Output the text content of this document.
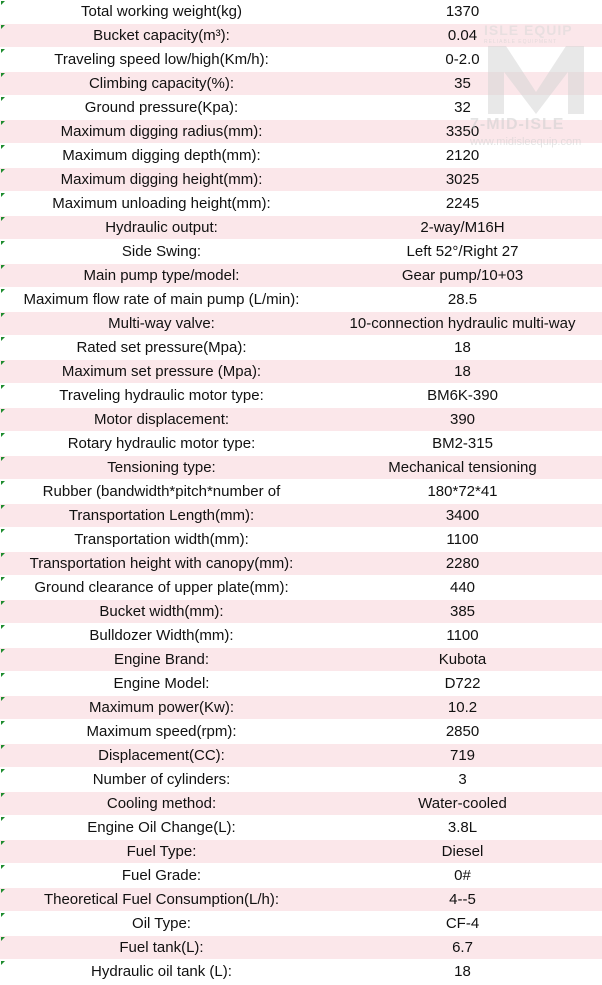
Total working weight(kg)	1370

Bucket capacity(m³):	0.04

Traveling speed low/high(Km/h):	0-2.0

Climbing capacity(%):	35

Ground pressure(Kpa):	32

Maximum digging radius(mm):	3350

Maximum digging depth(mm):	2120

Maximum digging height(mm):	3025

Maximum unloading height(mm):	2245

Hydraulic output:	2-way/M16H

Side Swing:	Left 52°/Right 27

Main pump type/model:	Gear pump/10+03

Maximum flow rate of main pump (L/min):	28.5

Multi-way valve:	10-connection hydraulic multi-way

Rated set pressure(Mpa):	18

Maximum set pressure (Mpa):	18

Traveling hydraulic motor type:	BM6K-390

Motor displacement:	390

Rotary hydraulic motor type:	BM2-315

Tensioning type:	Mechanical tensioning

Rubber (bandwidth*pitch*number of	180*72*41

Transportation Length(mm):	3400

Transportation width(mm):	1100

Transportation height with canopy(mm):	2280

Ground clearance of upper plate(mm):	440

Bucket width(mm):	385

Bulldozer Width(mm):	1100

Engine Brand:	Kubota

Engine Model:	D722

Maximum power(Kw):	10.2

Maximum speed(rpm):	2850

Displacement(CC):	719

Number of cylinders:	3

Cooling method:	Water-cooled

Engine Oil Change(L):	3.8L

Fuel Type:	Diesel

Fuel Grade:	0#

Theoretical Fuel Consumption(L/h):	4--5

Oil Type:	CF-4

Fuel tank(L):	6.7

Hydraulic oil tank (L):	18
ISLE EQUIP
RELIABLE EQUIPMENT
7-MID-ISLE
www.midisleequip.com
